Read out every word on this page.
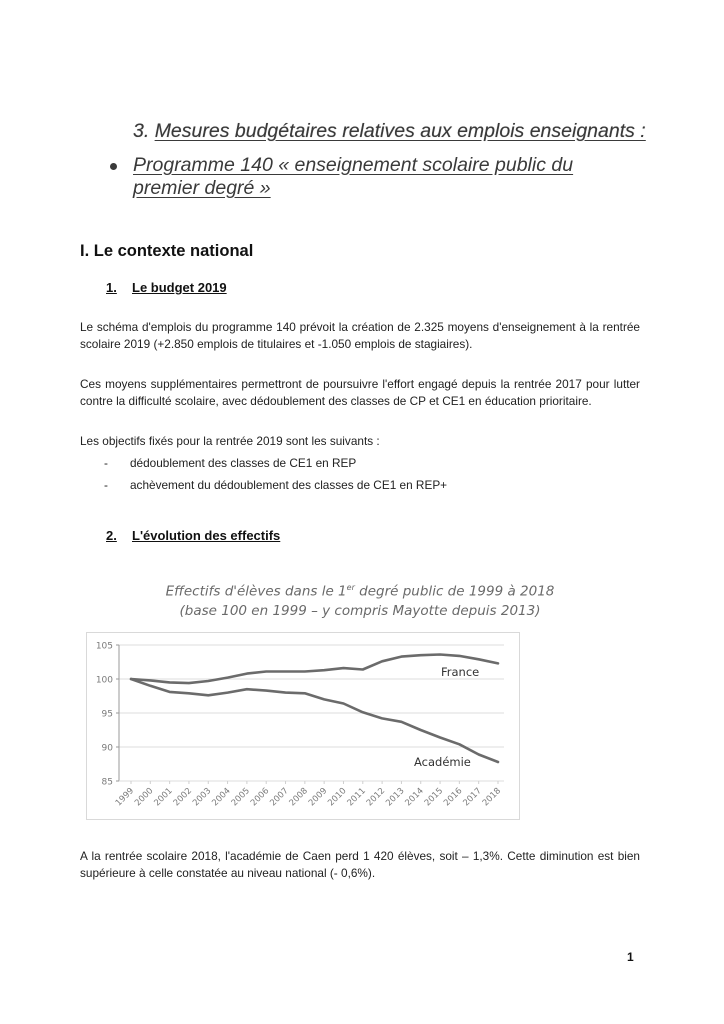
3. Mesures budgétaires relatives aux emplois enseignants :
Programme 140 « enseignement scolaire public du premier degré »
I. Le contexte national
1. Le budget 2019
Le schéma d'emplois du programme 140 prévoit la création de 2.325 moyens d'enseignement à la rentrée scolaire 2019 (+2.850 emplois de titulaires et -1.050 emplois de stagiaires).
Ces moyens supplémentaires permettront de poursuivre l'effort engagé depuis la rentrée 2017 pour lutter contre la difficulté scolaire, avec dédoublement des classes de CP et CE1 en éducation prioritaire.
Les objectifs fixés pour la rentrée 2019 sont les suivants :
- dédoublement des classes de CE1 en REP
- achèvement du dédoublement des classes de CE1 en REP+
2. L'évolution des effectifs
Effectifs d'élèves dans le 1er degré public de 1999 à 2018
(base 100 en 1999 – y compris Mayotte depuis 2013)
85
90
95
100
105
1999
2000
2001
2002
2003
2004
2005
2006
2007
2008
2009
2010
2011
2012
2013
2014
2015
2016
2017
2018
France
Académie
A la rentrée scolaire 2018, l'académie de Caen perd 1 420 élèves, soit – 1,3%. Cette diminution est bien supérieure à celle constatée au niveau national (- 0,6%).
1
